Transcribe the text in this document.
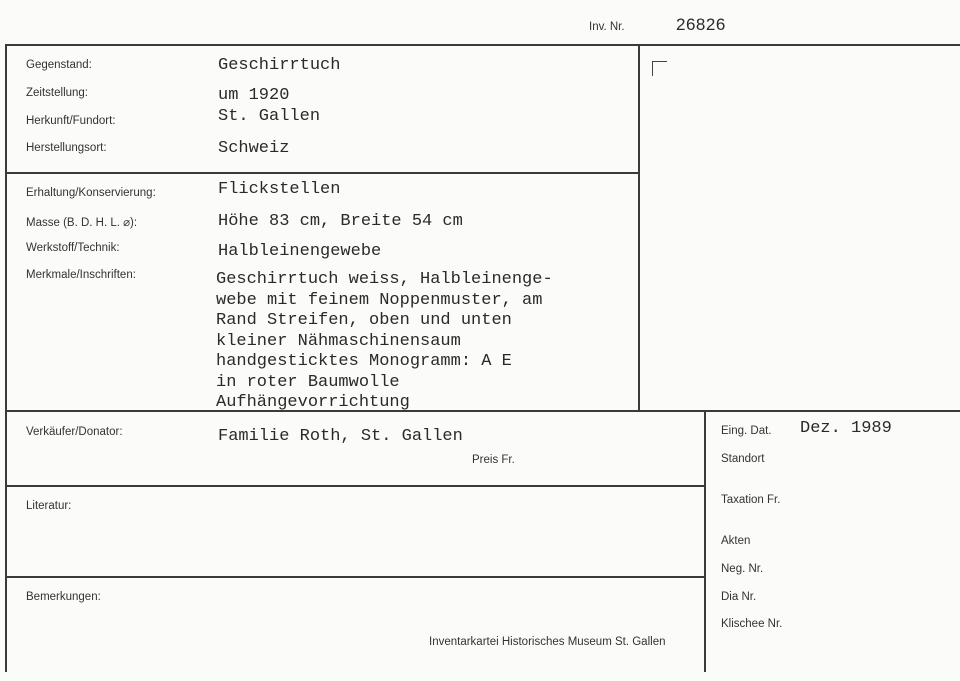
Inv. Nr.	26826
Gegenstand:	Geschirrtuch
Zeitstellung:	um 1920
Herkunft/Fundort:	St. Gallen
Herstellungsort:	Schweiz
Erhaltung/Konservierung:	Flickstellen
Masse (B. D. H. L. ⌀):	Höhe 83 cm, Breite 54 cm
Werkstoff/Technik:	Halbleinengewebe
Merkmale/Inschriften:	Geschirrtuch weiss, Halbleinenge-
webe mit feinem Noppenmuster, am
Rand Streifen, oben und unten
kleiner Nähmaschinensaum
handgesticktes Monogramm: A E
in roter Baumwolle
Aufhängevorrichtung
Verkäufer/Donator:	Familie Roth, St. Gallen
Preis Fr.
Literatur:
Bemerkungen:
Eing. Dat. Dez. 1989
Standort
Taxation Fr.
Akten
Neg. Nr.
Dia Nr.
Klischee Nr.
Inventarkartei Historisches Museum St. Gallen
